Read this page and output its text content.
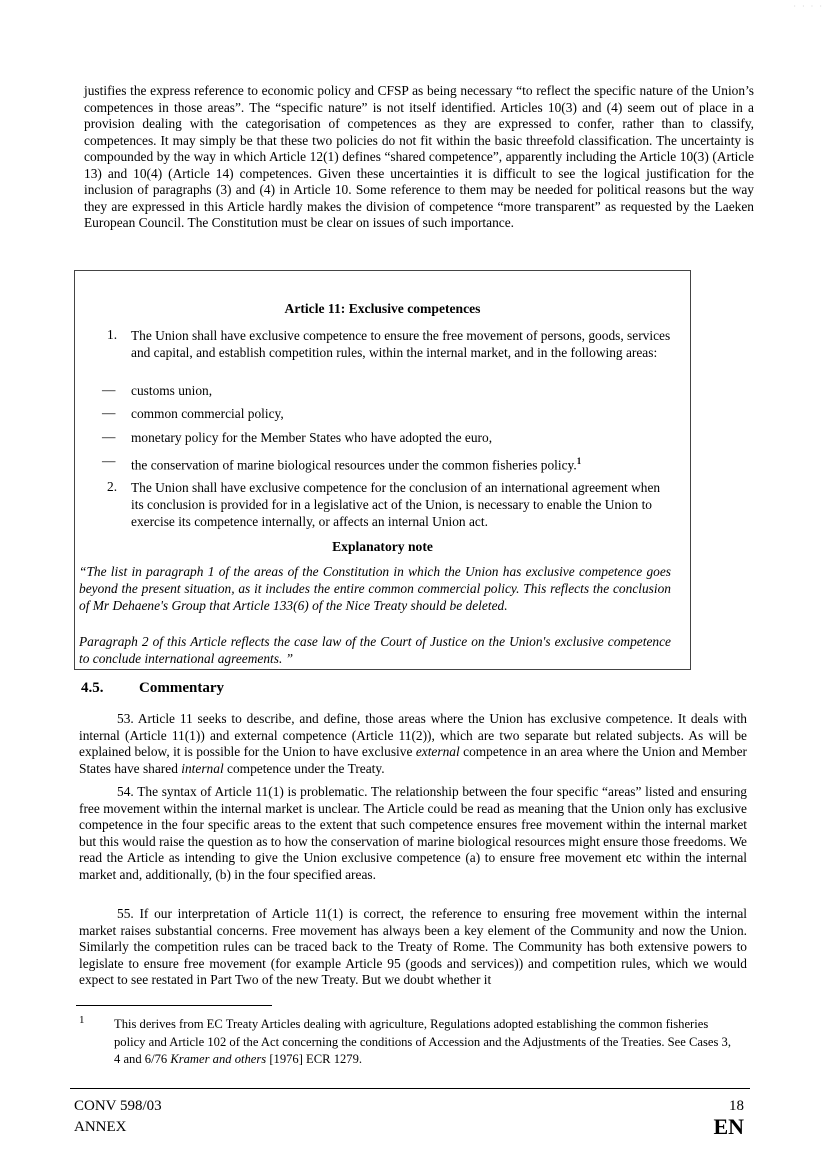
· · · ·

justifies the express reference to economic policy and CFSP as being necessary “to reflect the specific nature of the Union’s competences in those areas”. The “specific nature” is not itself identified. Articles 10(3) and (4) seem out of place in a provision dealing with the categorisation of competences as they are expressed to confer, rather than to classify, competences. It may simply be that these two policies do not fit within the basic threefold classification. The uncertainty is compounded by the way in which Article 12(1) defines “shared competence”, apparently including the Article 10(3) (Article 13) and 10(4) (Article 14) competences. Given these uncertainties it is difficult to see the logical justification for the inclusion of paragraphs (3) and (4) in Article 10. Some reference to them may be needed for political reasons but the way they are expressed in this Article hardly makes the division of competence “more transparent” as requested by the Laeken European Council. The Constitution must be clear on issues of such importance.

Article 11: Exclusive competences
1. The Union shall have exclusive competence to ensure the free movement of persons, goods, services and capital, and establish competition rules, within the internal market, and in the following areas:

— customs union,

— common commercial policy,

— monetary policy for the Member States who have adopted the euro,

— the conservation of marine biological resources under the common fisheries policy.$^1$

2. The Union shall have exclusive competence for the conclusion of an international agreement when its conclusion is provided for in a legislative act of the Union, is necessary to enable the Union to exercise its competence internally, or affects an internal Union act.

Explanatory note

“The list in paragraph 1 of the areas of the Constitution in which the Union has exclusive competence goes beyond the present situation, as it includes the entire common commercial policy. This reflects the conclusion of Mr Dehaene's Group that Article 133(6) of the Nice Treaty should be deleted.

Paragraph 2 of this Article reflects the case law of the Court of Justice on the Union's exclusive competence to conclude international agreements. ”

4.5. Commentary

53. Article 11 seeks to describe, and define, those areas where the Union has exclusive competence. It deals with internal (Article 11(1)) and external competence (Article 11(2)), which are two separate but related subjects. As will be explained below, it is possible for the Union to have exclusive external competence in an area where the Union and Member States have shared internal competence under the Treaty.

54. The syntax of Article 11(1) is problematic. The relationship between the four specific “areas” listed and ensuring free movement within the internal market is unclear. The Article could be read as meaning that the Union only has exclusive competence in the four specific areas to the extent that such competence ensures free movement within the internal market but this would raise the question as to how the conservation of marine biological resources might ensure those freedoms. We read the Article as intending to give the Union exclusive competence (a) to ensure free movement etc within the internal market and, additionally, (b) in the four specified areas.

55. If our interpretation of Article 11(1) is correct, the reference to ensuring free movement within the internal market raises substantial concerns. Free movement has always been a key element of the Community and now the Union. Similarly the competition rules can be traced back to the Treaty of Rome. The Community has both extensive powers to legislate to ensure free movement (for example Article 95 (goods and services)) and competition rules, which we would expect to see restated in Part Two of the new Treaty. But we doubt whether it

1 This derives from EC Treaty Articles dealing with agriculture, Regulations adopted establishing the common fisheries policy and Article 102 of the Act concerning the conditions of Accession and the Adjustments of the Treaties. See Cases 3, 4 and 6/76 Kramer and others [1976] ECR 1279.

CONV 598/03
ANNEX
18
EN
